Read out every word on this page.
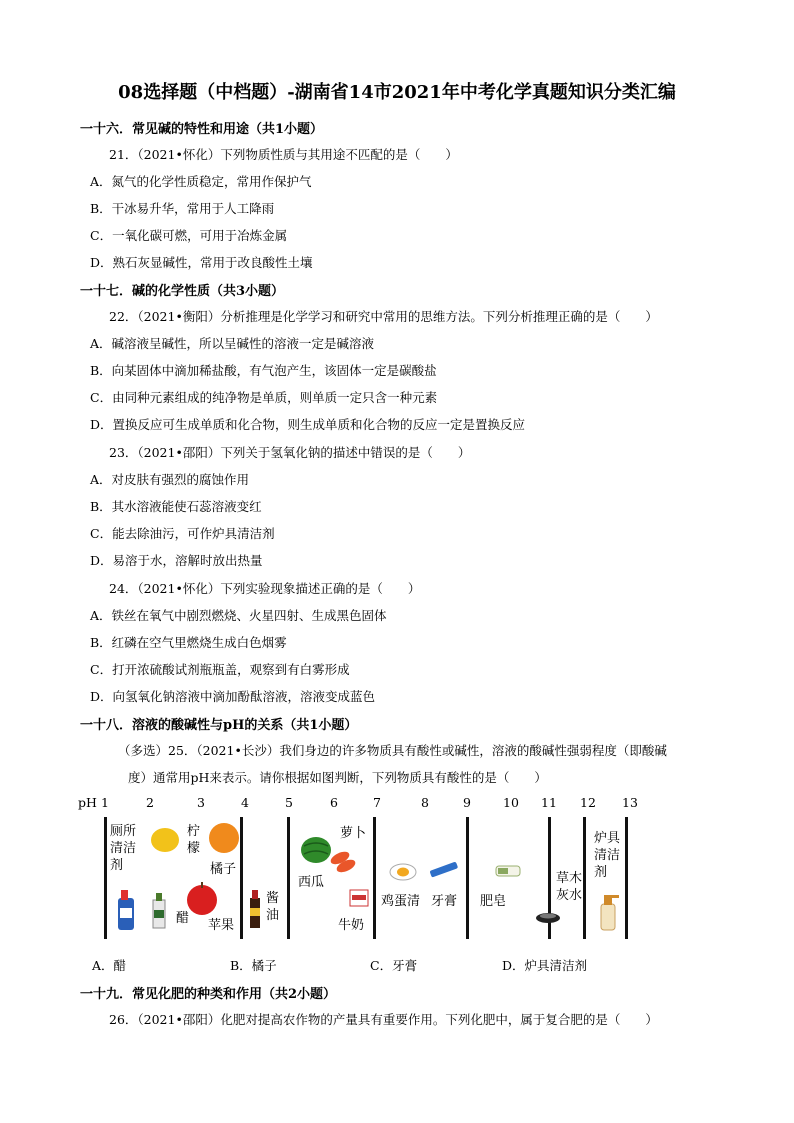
08选择题（中档题）-湖南省14市2021年中考化学真题知识分类汇编
一十六．常见碱的特性和用途（共1小题）
21．（2021•怀化）下列物质性质与其用途不匹配的是（　　）
A．氮气的化学性质稳定，常用作保护气
B．干冰易升华，常用于人工降雨
C．一氧化碳可燃，可用于冶炼金属
D．熟石灰显碱性，常用于改良酸性土壤
一十七．碱的化学性质（共3小题）
22．（2021•衡阳）分析推理是化学学习和研究中常用的思维方法。下列分析推理正确的是（　　）
A．碱溶液呈碱性，所以呈碱性的溶液一定是碱溶液
B．向某固体中滴加稀盐酸，有气泡产生，该固体一定是碳酸盐
C．由同种元素组成的纯净物是单质，则单质一定只含一种元素
D．置换反应可生成单质和化合物，则生成单质和化合物的反应一定是置换反应
23．（2021•邵阳）下列关于氢氧化钠的描述中错误的是（　　）
A．对皮肤有强烈的腐蚀作用
B．其水溶液能使石蕊溶液变红
C．能去除油污，可作炉具清洁剂
D．易溶于水，溶解时放出热量
24．（2021•怀化）下列实验现象描述正确的是（　　）
A．铁丝在氧气中剧烈燃烧、火星四射、生成黑色固体
B．红磷在空气里燃烧生成白色烟雾
C．打开浓硫酸试剂瓶瓶盖，观察到有白雾形成
D．向氢氧化钠溶液中滴加酚酞溶液，溶液变成蓝色
一十八．溶液的酸碱性与pH的关系（共1小题）
（多选）25．（2021•长沙）我们身边的许多物质具有酸性或碱性，溶液的酸碱性强弱程度（即酸碱
度）通常用pH来表示。请你根据如图判断，下列物质具有酸性的是（　　）
pH 1	2	3	4	5	6	7	8	9	10 11 12 13
厕所清洁剂
柠檬
橘子
醋 苹果
酱油
西瓜
萝卜
牛奶
鸡蛋清 牙膏 肥皂
草木灰水
炉具清洁剂
A．醋	B．橘子	C．牙膏	D．炉具清洁剂
一十九．常见化肥的种类和作用（共2小题）
26．（2021•邵阳）化肥对提高农作物的产量具有重要作用。下列化肥中，属于复合肥的是（　　）
